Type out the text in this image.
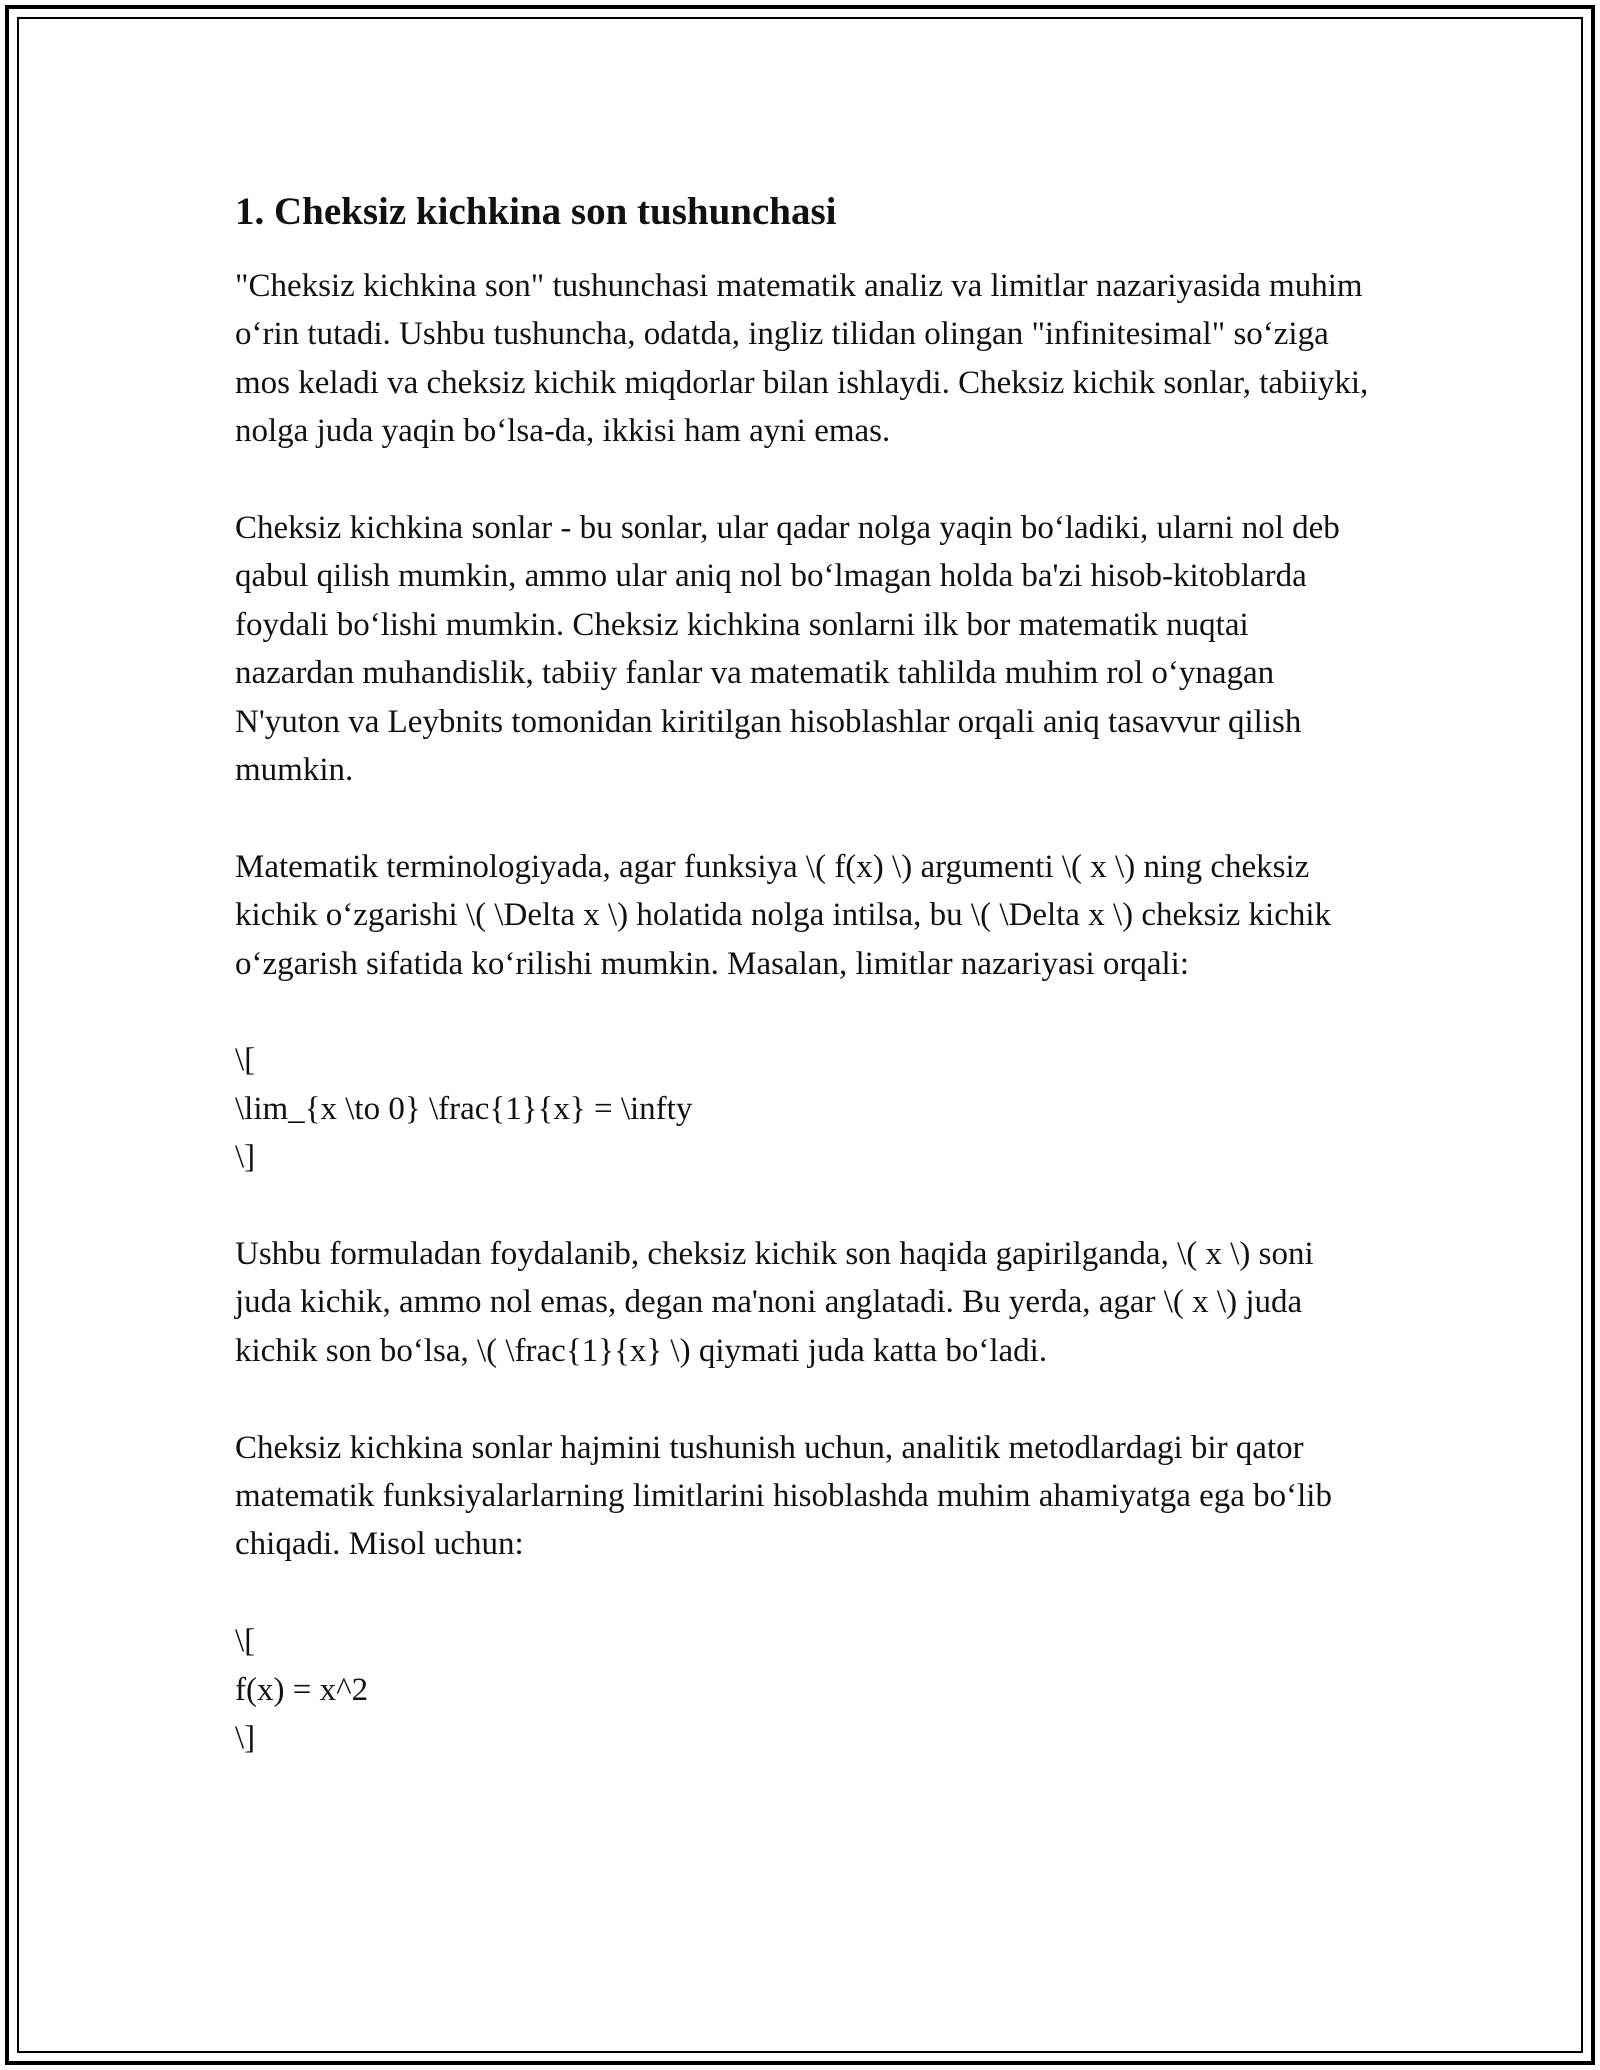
1. Cheksiz kichkina son tushunchasi

"Cheksiz kichkina son" tushunchasi matematik analiz va limitlar nazariyasida muhim o‘rin tutadi. Ushbu tushuncha, odatda, ingliz tilidan olingan "infinitesimal" so‘ziga mos keladi va cheksiz kichik miqdorlar bilan ishlaydi. Cheksiz kichik sonlar, tabiiyki, nolga juda yaqin bo‘lsa-da, ikkisi ham ayni emas.

Cheksiz kichkina sonlar - bu sonlar, ular qadar nolga yaqin bo‘ladiki, ularni nol deb qabul qilish mumkin, ammo ular aniq nol bo‘lmagan holda ba'zi hisob-kitoblarda foydali bo‘lishi mumkin. Cheksiz kichkina sonlarni ilk bor matematik nuqtai nazardan muhandislik, tabiiy fanlar va matematik tahlilda muhim rol o‘ynagan N'yuton va Leybnits tomonidan kiritilgan hisoblashlar orqali aniq tasavvur qilish mumkin.

Matematik terminologiyada, agar funksiya \( f(x) \) argumenti \( x \) ning cheksiz kichik o‘zgarishi \( \Delta x \) holatida nolga intilsa, bu \( \Delta x \) cheksiz kichik o‘zgarish sifatida ko‘rilishi mumkin. Masalan, limitlar nazariyasi orqali:

\[
\lim_{x \to 0} \frac{1}{x} = \infty
\]

Ushbu formuladan foydalanib, cheksiz kichik son haqida gapirilganda, \( x \) soni juda kichik, ammo nol emas, degan ma'noni anglatadi. Bu yerda, agar \( x \) juda kichik son bo‘lsa, \( \frac{1}{x} \) qiymati juda katta bo‘ladi.

Cheksiz kichkina sonlar hajmini tushunish uchun, analitik metodlardagi bir qator matematik funksiyalarlarning limitlarini hisoblashda muhim ahamiyatga ega bo‘lib chiqadi. Misol uchun:

\[
f(x) = x^2
\]
